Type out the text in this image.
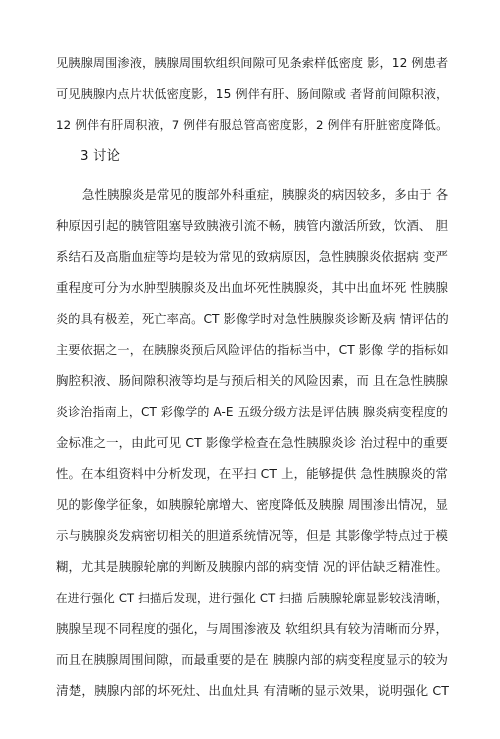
见胰腺周围渗液，胰腺周围软组织间隙可见条索样低密度 影，12 例患者
可见胰腺内点片状低密度影，15 例伴有肝、肠间隙或 者肾前间隙积液，
12 例伴有肝周积液，7 例伴有服总管高密度影，2 例伴有肝脏密度降低。
3 讨论
急性胰腺炎是常见的腹部外科重症，胰腺炎的病因较多，多由于 各
种原因引起的胰管阻塞导致胰液引流不畅，胰管内激活所致，饮酒、 胆
系结石及高脂血症等均是较为常见的致病原因，急性胰腺炎依据病 变严
重程度可分为水肿型胰腺炎及出血坏死性胰腺炎，其中出血坏死 性胰腺
炎的具有极差，死亡率高。CT 影像学时对急性胰腺炎诊断及病 情评估的
主要依据之一，在胰腺炎预后风险评估的指标当中，CT 影像 学的指标如
胸腔积液、肠间隙积液等均是与预后相关的风险因素，而 且在急性胰腺
炎诊治指南上，CT 彩像学的 A-E 五级分级方法是评估胰 腺炎病变程度的
金标准之一，由此可见 CT 影像学检查在急性胰腺炎诊 治过程中的重要
性。在本组资料中分析发现，在平扫 CT 上，能够提供 急性胰腺炎的常
见的影像学征象，如胰腺轮廓增大、密度降低及胰腺 周围渗出情况，显
示与胰腺炎发病密切相关的胆道系统情况等，但是 其影像学特点过于模
糊，尤其是胰腺轮廓的判断及胰腺内部的病变情 况的评估缺乏精准性。
在进行强化 CT 扫描后发现，进行强化 CT 扫描 后胰腺轮廓显影较浅清晰，
胰腺呈现不同程度的强化，与周围渗液及 软组织具有较为清晰而分界，
而且在胰腺周围间隙，而最重要的是在 胰腺内部的病变程度显示的较为
清楚，胰腺内部的坏死灶、出血灶具 有清晰的显示效果，说明强化 CT
